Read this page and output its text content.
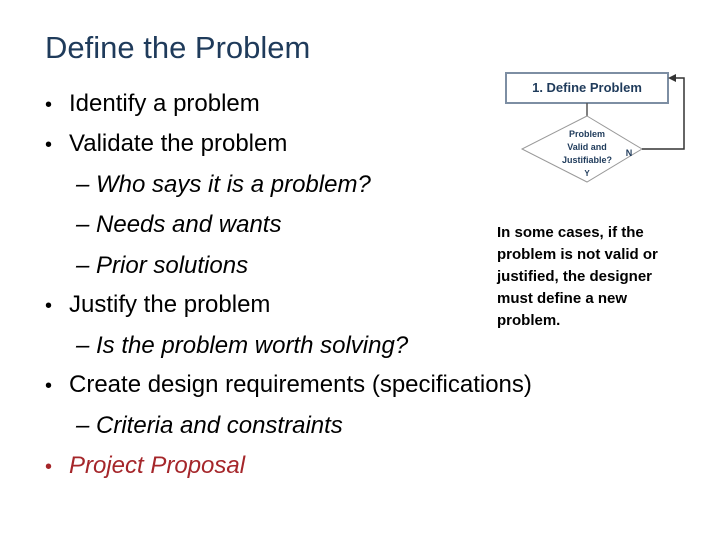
Define the Problem
• Identify a problem
• Validate the problem
– Who says it is a problem?
– Needs and wants
– Prior solutions
• Justify the problem
– Is the problem worth solving?
• Create design requirements (specifications)
– Criteria and constraints
• Project Proposal
1. Define Problem
Problem
Valid and
Justifiable?
Y
N
In some cases, if the
problem is not valid or
justified, the designer
must define a new
problem.
